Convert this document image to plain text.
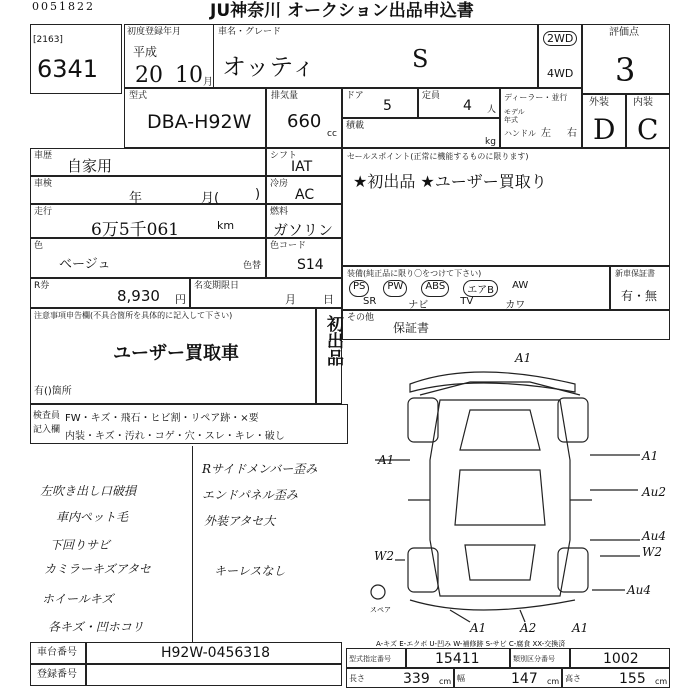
0051822	JU神奈川 オークション出品申込書
[2163]
6341
初度登録年月
平成
20 10 月
車名・グレード
オッティ	S
2WD
4WD
評価点
3
外装
D
内装
C
型式
DBA-H92W
排気量
660
cc
ドア
5
定員
4 人
積載
kg
ディーラー・並行
モデル
年式
ハンドル 左 右
車歴
自家用
シフト
IAT
車検
年	月(	)
冷房
AC
走行
6万5千061	km
燃料
ガソリン
色
ベージュ	色替
色コード
S14
R券
8,930 円
名変期限日
月 日
注意事項申告欄(不具合箇所を具体的に記入して下さい)
ユーザー買取車
有()箇所
初出品
セールスポイント(正常に機能するものに限ります)
★初出品 ★ユーザー買取り
装備(純正品に限り〇をつけて下さい)
PS	PW	ABS	エアB	AW
SR	ナビ	TV	カワ
新車保証書
有・無
その他
保証書
検査員
記入欄
FW・キズ・飛石・ヒビ割・リペア跡・×要
内装・キズ・汚れ・コゲ・穴・スレ・キレ・破し
左吹き出し口破損
車内ペット毛
下回りサビ
カミラーキズアタセ
ホイールキズ
各キズ・凹ホコリ
Rサイドメンバー歪み
エンドパネル歪み
外装アタセ大
キーレスなし
A1
A1	A1
Au2
Au4
W2	W2
Au4
A1	A2	A1
スペア
A-キズ E-エクボ U-凹み W-補修跡 S-サビ C-腐食 XX-交換済
車台番号	H92W-0456318
登録番号
型式指定番号	15411	類別区分番号	1002
長さ	339 cm 幅	147 cm 高さ	155 cm
